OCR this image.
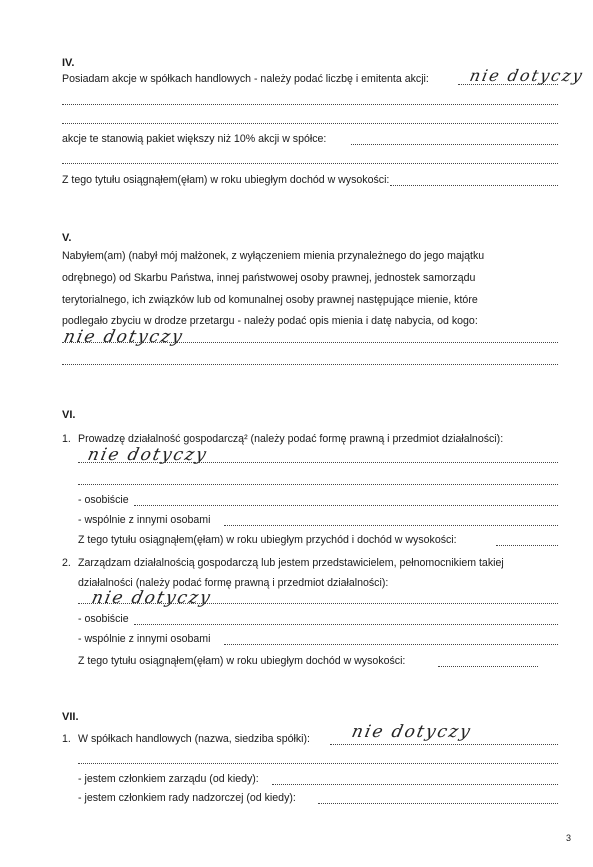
IV.
Posiadam akcje w spółkach handlowych - należy podać liczbę i emitenta akcji: nie dotyczy
akcje te stanowią pakiet większy niż 10% akcji w spółce:
Z tego tytułu osiągnąłem(ęłam) w roku ubiegłym dochód w wysokości:
V.
Nabyłem(am) (nabył mój małżonek, z wyłączeniem mienia przynależnego do jego majątku
odrębnego) od Skarbu Państwa, innej państwowej osoby prawnej, jednostek samorządu
terytorialnego, ich związków lub od komunalnej osoby prawnej następujące mienie, które
podlegało zbyciu w drodze przetargu - należy podać opis mienia i datę nabycia, od kogo:
nie dotyczy
VI.
1. Prowadzę działalność gospodarczą² (należy podać formę prawną i przedmiot działalności):
nie dotyczy
- osobiście
- wspólnie z innymi osobami
Z tego tytułu osiągnąłem(ęłam) w roku ubiegłym przychód i dochód w wysokości:
2. Zarządzam działalnością gospodarczą lub jestem przedstawicielem, pełnomocnikiem takiej
działalności (należy podać formę prawną i przedmiot działalności):
nie dotyczy
- osobiście
- wspólnie z innymi osobami
Z tego tytułu osiągnąłem(ęłam) w roku ubiegłym dochód w wysokości:
VII.
1. W spółkach handlowych (nazwa, siedziba spółki): nie dotyczy
- jestem członkiem zarządu (od kiedy):
- jestem członkiem rady nadzorczej (od kiedy):
3
